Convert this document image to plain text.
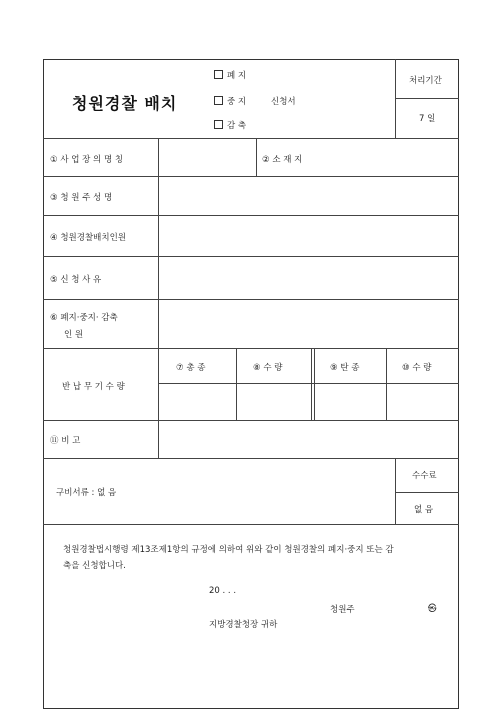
청원경찰 배치
폐 지
중 지
감 축
신청서
처리기간
7 일
① 사 업 장 의 명 칭	② 소 재 지
③ 청 원 주 성 명
④ 청원경찰배치인원
⑤ 신 청 사 유
⑥ 폐지·중지· 감축
인 원
반 납 무 기 수 량
⑦ 총 종	⑧ 수 량	⑨ 탄 종	⑩ 수 량
⑪ 비 고
구비서류 : 없 음
수수료
없 음
청원경찰법시행령 제13조제1항의 규정에 의하여 위와 같이 청원경찰의 폐지·중지 또는 감
축을 신청합니다.
20 . . .
청원주	㉿
지방경찰청장 귀하
